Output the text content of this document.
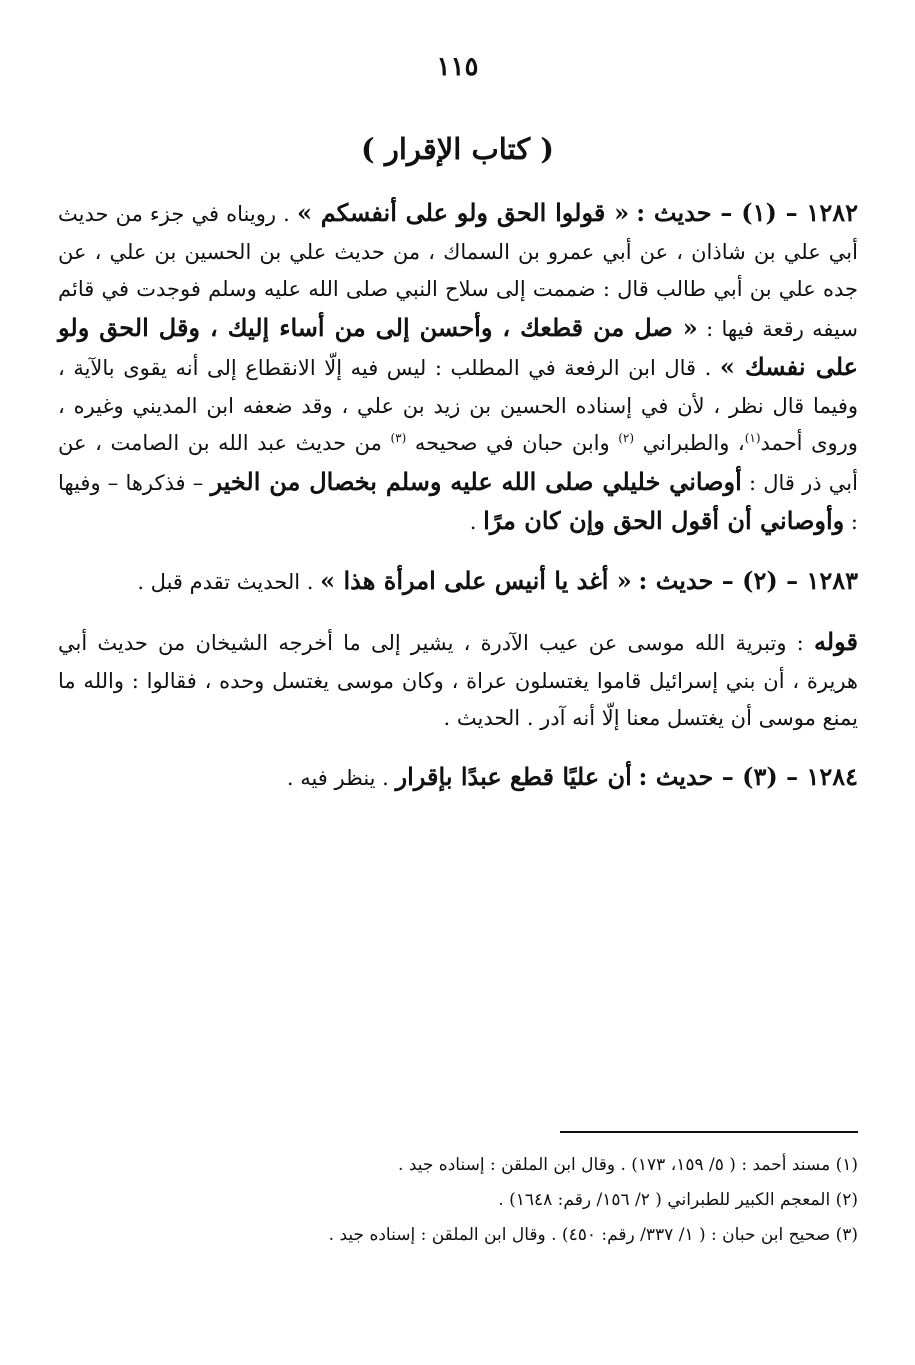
١١٥
( كتاب الإقرار )

١٢٨٢ – (١) – حديث : « قولوا الحق ولو على أنفسكم » . رويناه في جزء من حديث أبي علي بن شاذان ، عن أبي عمرو بن السماك ، من حديث علي بن الحسين بن علي ، عن جده علي بن أبي طالب قال : ضممت إلى سلاح النبي صلى الله عليه وسلم فوجدت في قائم سيفه رقعة فيها : « صل من قطعك ، وأحسن إلى من أساء إليك ، وقل الحق ولو على نفسك » . قال ابن الرفعة في المطلب : ليس فيه إلّا الانقطاع إلى أنه يقوى بالآية ، وفيما قال نظر ، لأن في إسناده الحسين بن زيد بن علي ، وقد ضعفه ابن المديني وغيره ، وروى أحمد$^{(١)}$، والطبراني $^{(٢)}$ وابن حبان في صحيحه $^{(٣)}$ من حديث عبد الله بن الصامت ، عن أبي ذر قال : أوصاني خليلي صلى الله عليه وسلم بخصال من الخير – فذكرها – وفيها : وأوصاني أن أقول الحق وإن كان مرًا .

١٢٨٣ – (٢) – حديث : « أغد يا أنيس على امرأة هذا » . الحديث تقدم قبل .

قوله : وتبرية الله موسى عن عيب الآدرة ، يشير إلى ما أخرجه الشيخان من حديث أبي هريرة ، أن بني إسرائيل قاموا يغتسلون عراة ، وكان موسى يغتسل وحده ، فقالوا : والله ما يمنع موسى أن يغتسل معنا إلّا أنه آدر . الحديث .

١٢٨٤ – (٣) – حديث : أن عليًا قطع عبدًا بإقرار . ينظر فيه .

(١) مسند أحمد : ( ٥/ ١٥٩، ١٧٣) . وقال ابن الملقن : إسناده جيد .
(٢) المعجم الكبير للطبراني ( ٢/ ١٥٦/ رقم: ١٦٤٨) .
(٣) صحيح ابن حبان : ( ١/ ٣٣٧/ رقم: ٤٥٠) . وقال ابن الملقن : إسناده جيد .
